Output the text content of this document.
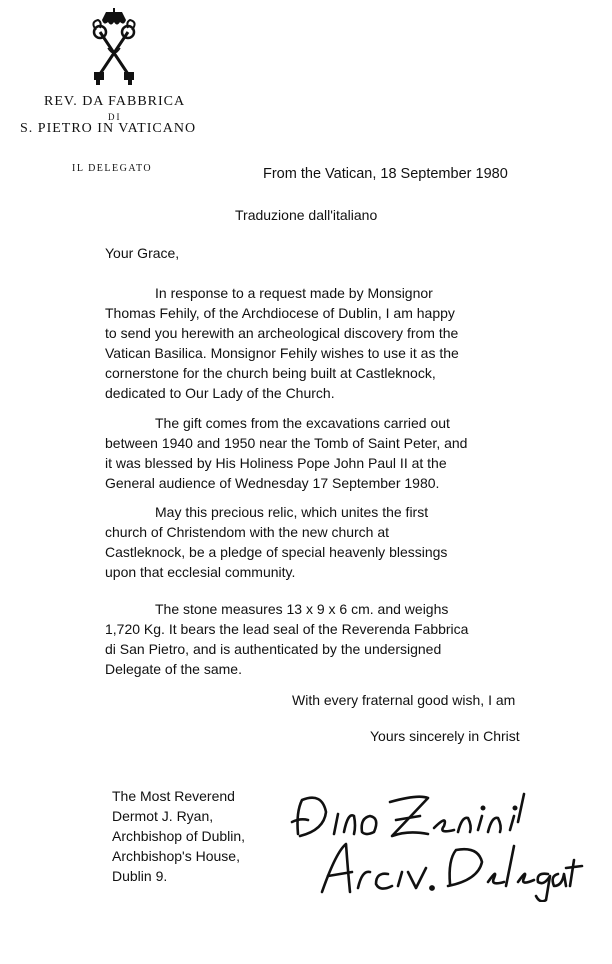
REV. DA FABBRICA
DI
S. PIETRO IN VATICANO
IL DELEGATO	From the Vatican, 18 September 1980
Traduzione dall'italiano
Your Grace,
In response to a request made by Monsignor
Thomas Fehily, of the Archdiocese of Dublin, I am happy
to send you herewith an archeological discovery from the
Vatican Basilica. Monsignor Fehily wishes to use it as the
cornerstone for the church being built at Castleknock,
dedicated to Our Lady of the Church.
The gift comes from the excavations carried out
between 1940 and 1950 near the Tomb of Saint Peter, and
it was blessed by His Holiness Pope John Paul II at the
General audience of Wednesday 17 September 1980.
May this precious relic, which unites the first
church of Christendom with the new church at
Castleknock, be a pledge of special heavenly blessings
upon that ecclesial community.
The stone measures 13 x 9 x 6 cm. and weighs
1,720 Kg. It bears the lead seal of the Reverenda Fabbrica
di San Pietro, and is authenticated by the undersigned
Delegate of the same.
With every fraternal good wish, I am
Yours sincerely in Christ
The Most Reverend
Dermot J. Ryan,
Archbishop of Dublin,
Archbishop's House,
Dublin 9.
